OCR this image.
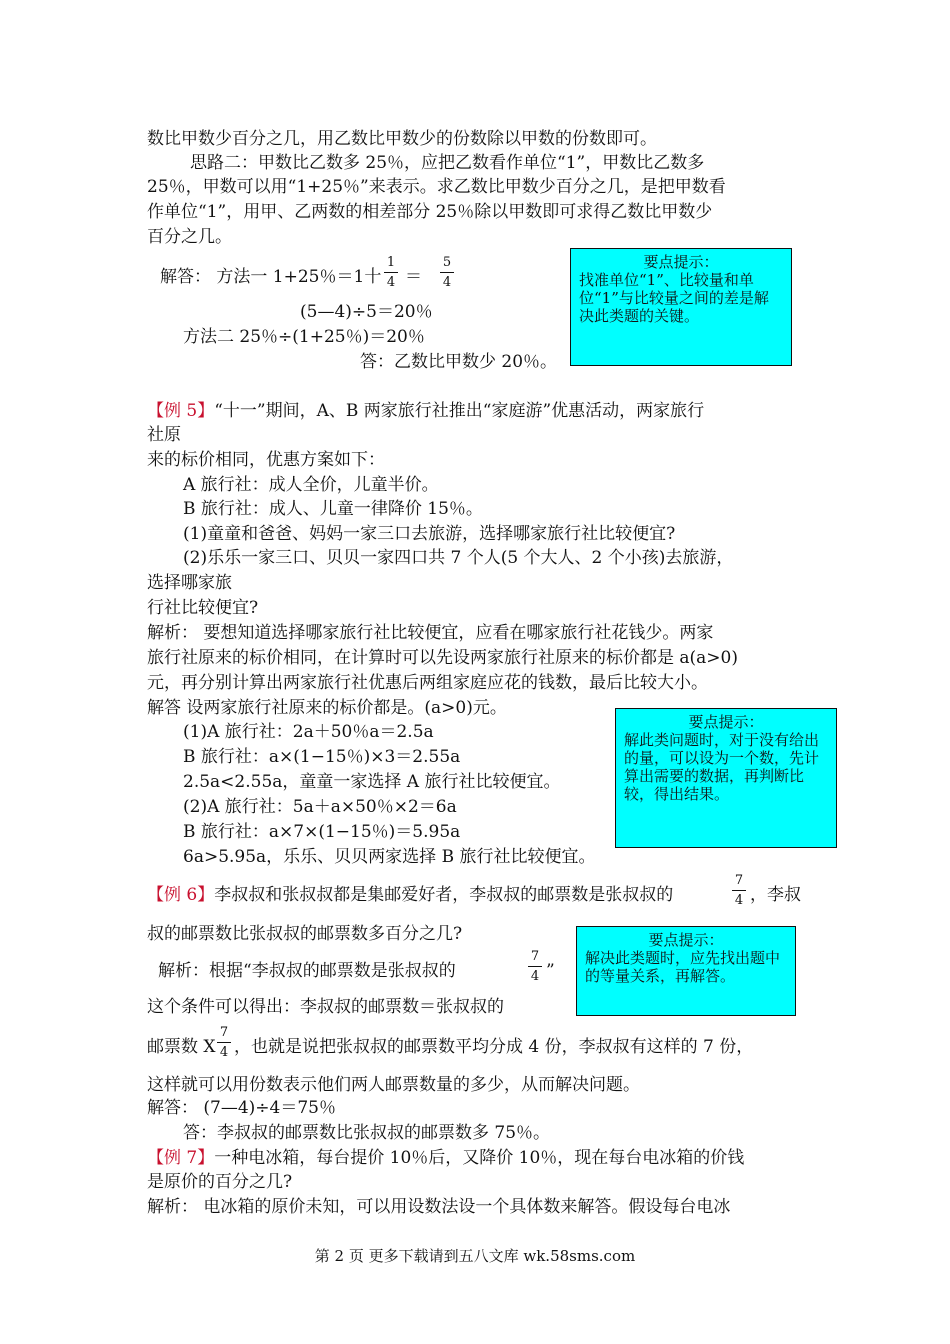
数比甲数少百分之几，用乙数比甲数少的份数除以甲数的份数即可。
思路二：甲数比乙数多 25％，应把乙数看作单位“1”，甲数比乙数多
25％，甲数可以用“1+25％”来表示。求乙数比甲数少百分之几，是把甲数看
作单位“1”，用甲、乙两数的相差部分 25％除以甲数即可求得乙数比甲数少
百分之几。
解答： 方法一 1+25％＝1十
1
4 ＝
5
4
(5—4)÷5＝20％
方法二 25％÷(1+25％)＝20％
答：乙数比甲数少 20％。
要点提示：
找准单位“1”、比较量和单位“1”与比较量之间的差是解决此类题的关键。
【例 5】“十一”期间，A、B 两家旅行社推出“家庭游”优惠活动，两家旅行
社原
来的标价相同，优惠方案如下：
A 旅行社：成人全价，儿童半价。
B 旅行社：成人、儿童一律降价 15％。
(1)童童和爸爸、妈妈一家三口去旅游，选择哪家旅行社比较便宜?
(2)乐乐一家三口、贝贝一家四口共 7 个人(5 个大人、2 个小孩)去旅游，
选择哪家旅
行社比较便宜?
解析： 要想知道选择哪家旅行社比较便宜，应看在哪家旅行社花钱少。两家
旅行社原来的标价相同，在计算时可以先设两家旅行社原来的标价都是 a(a>0)
元，再分别计算出两家旅行社优惠后两组家庭应花的钱数，最后比较大小。
解答 设两家旅行社原来的标价都是。(a>0)元。
(1)A 旅行社：2a＋50％a＝2.5a
B 旅行社：a×(1−15％)×3＝2.55a
2.5a<2.55a，童童一家选择 A 旅行社比较便宜。
(2)A 旅行社：5a＋a×50％×2＝6a
B 旅行社：a×7×(1−15％)＝5.95a
6a>5.95a，乐乐、贝贝两家选择 B 旅行社比较便宜。
要点提示：
解此类问题时，对于没有给出的量，可以设为一个数，先计算出需要的数据，再判断比较，得出结果。
【例 6】李叔叔和张叔叔都是集邮爱好者，李叔叔的邮票数是张叔叔的
7
4 ，李叔
叔的邮票数比张叔叔的邮票数多百分之几?
解析：根据“李叔叔的邮票数是张叔叔的
7
4 ”
这个条件可以得出：李叔叔的邮票数＝张叔叔的
邮票数 X
7
4 ，也就是说把张叔叔的邮票数平均分成 4 份，李叔叔有这样的 7 份，
这样就可以用份数表示他们两人邮票数量的多少，从而解决问题。
解答： (7—4)÷4＝75％
答：李叔叔的邮票数比张叔叔的邮票数多 75％。
要点提示：
解决此类题时，应先找出题中的等量关系，再解答。
【例 7】一种电冰箱，每台提价 10％后，又降价 10％，现在每台电冰箱的价钱
是原价的百分之几?
解析： 电冰箱的原价未知，可以用设数法设一个具体数来解答。假设每台电冰
第 2 页 更多下载请到五八文库 wk.58sms.com
